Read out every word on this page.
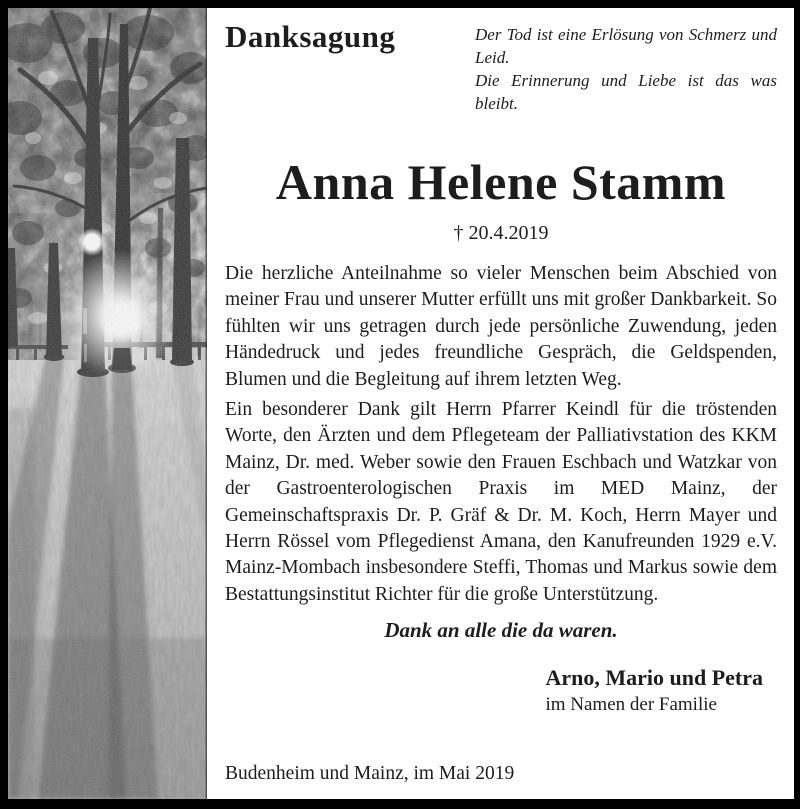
Danksagung	Der Tod ist eine Erlösung von Schmerz und Leid.
Die Erinnerung und Liebe ist das was bleibt.
Anna Helene Stamm
† 20.4.2019

Die herzliche Anteilnahme so vieler Menschen beim Abschied von meiner Frau und unserer Mutter erfüllt uns mit großer Dankbarkeit. So fühlten wir uns getragen durch jede persönliche Zuwendung, jeden Händedruck und jedes freundliche Gespräch, die Geldspenden, Blumen und die Begleitung auf ihrem letzten Weg.

Ein besonderer Dank gilt Herrn Pfarrer Keindl für die tröstenden Worte, den Ärzten und dem Pflegeteam der Palliativstation des KKM Mainz, Dr. med. Weber sowie den Frauen Eschbach und Watzkar von der Gastroenterologischen Praxis im MED Mainz, der Gemeinschaftspraxis Dr. P. Gräf & Dr. M. Koch, Herrn Mayer und Herrn Rössel vom Pflegedienst Amana, den Kanufreunden 1929 e.V. Mainz-Mombach insbesondere Steffi, Thomas und Markus sowie dem Bestattungsinstitut Richter für die große Unterstützung.

Dank an alle die da waren.
Arno, Mario und Petra
im Namen der Familie
Budenheim und Mainz, im Mai 2019
